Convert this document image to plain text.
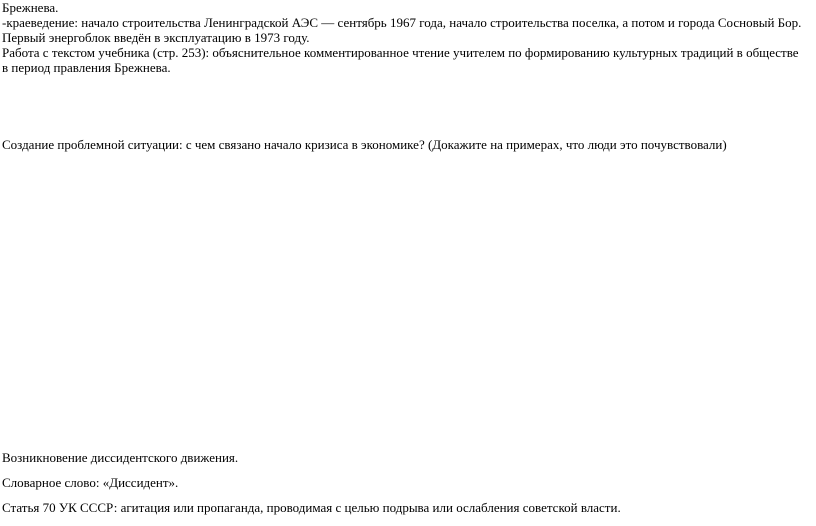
Брежнева.
-краеведение: начало строительства Ленинградской АЭС — сентябрь 1967 года, начало строительства поселка, а потом и города Сосновый Бор.
Первый энергоблок введён в эксплуатацию в 1973 году.
Работа с текстом учебника (стр. 253): объяснительное комментированное чтение учителем по формированию культурных традиций в обществе в период правления Брежнева.
Создание проблемной ситуации: с чем связано начало кризиса в экономике? (Докажите на примерах, что люди это почувствовали)
Возникновение диссидентского движения.
Словарное слово: «Диссидент».
Статья 70 УК СССР: агитация или пропаганда, проводимая с целью подрыва или ослабления советской власти.
